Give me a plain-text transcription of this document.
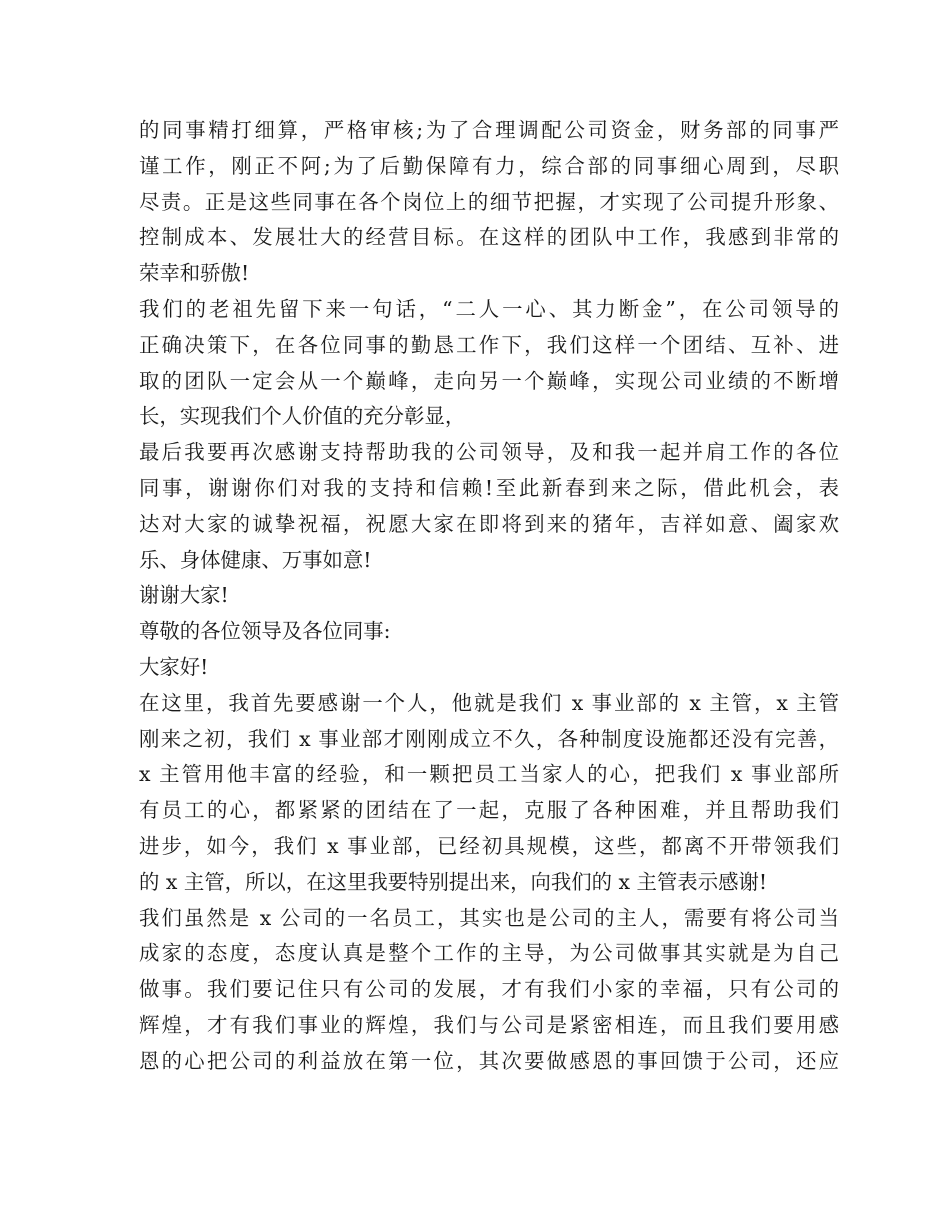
的同事精打细算，严格审核;为了合理调配公司资金，财务部的同事严
谨工作，刚正不阿;为了后勤保障有力，综合部的同事细心周到，尽职
尽责。正是这些同事在各个岗位上的细节把握，才实现了公司提升形象、
控制成本、发展壮大的经营目标。在这样的团队中工作，我感到非常的
荣幸和骄傲!
我们的老祖先留下来一句话，“二人一心、其力断金”，在公司领导的
正确决策下，在各位同事的勤恳工作下，我们这样一个团结、互补、进
取的团队一定会从一个巅峰，走向另一个巅峰，实现公司业绩的不断增
长，实现我们个人价值的充分彰显，
最后我要再次感谢支持帮助我的公司领导，及和我一起并肩工作的各位
同事，谢谢你们对我的支持和信赖!至此新春到来之际，借此机会，表
达对大家的诚挚祝福，祝愿大家在即将到来的猪年，吉祥如意、阖家欢
乐、身体健康、万事如意!
谢谢大家!
尊敬的各位领导及各位同事:
大家好!
在这里，我首先要感谢一个人，他就是我们 x 事业部的 x 主管，x 主管
刚来之初，我们 x 事业部才刚刚成立不久，各种制度设施都还没有完善，
x 主管用他丰富的经验，和一颗把员工当家人的心，把我们 x 事业部所
有员工的心，都紧紧的团结在了一起，克服了各种困难，并且帮助我们
进步，如今，我们 x 事业部，已经初具规模，这些，都离不开带领我们
的 x 主管，所以，在这里我要特别提出来，向我们的 x 主管表示感谢!
我们虽然是 x 公司的一名员工，其实也是公司的主人，需要有将公司当
成家的态度，态度认真是整个工作的主导，为公司做事其实就是为自己
做事。我们要记住只有公司的发展，才有我们小家的幸福，只有公司的
辉煌，才有我们事业的辉煌，我们与公司是紧密相连，而且我们要用感
恩的心把公司的利益放在第一位，其次要做感恩的事回馈于公司，还应
